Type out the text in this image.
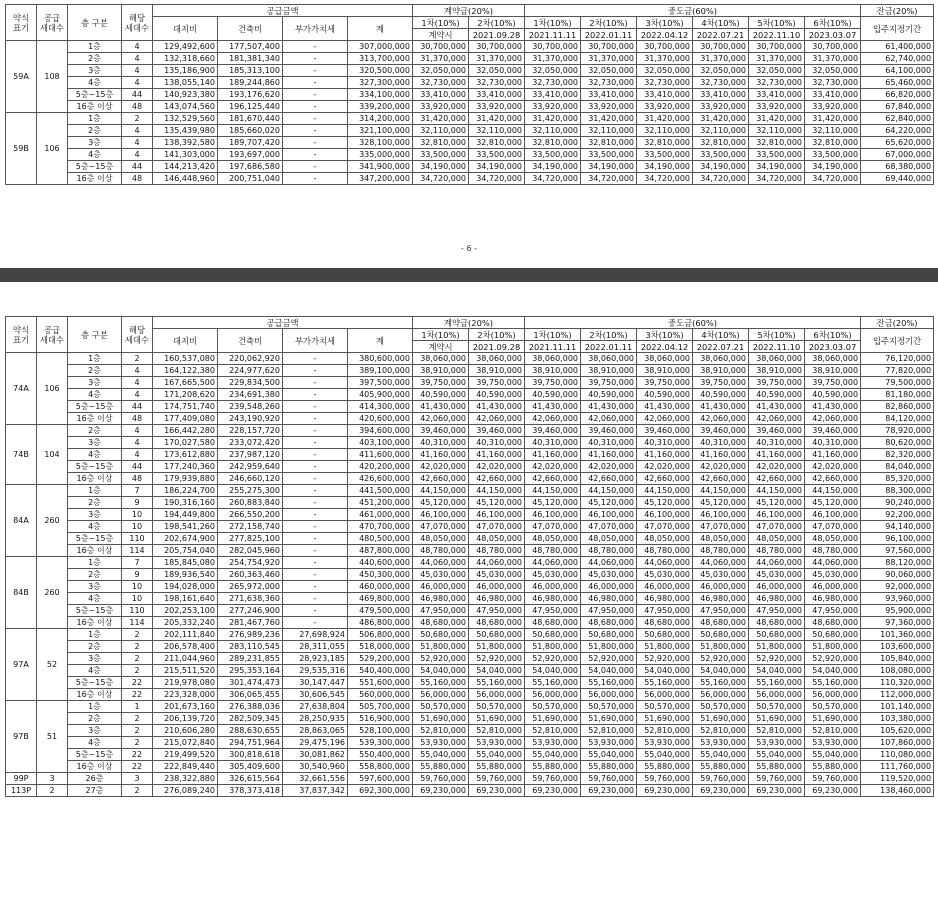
약식
표기	공급
세대수	층 구분	해당
세대수	공급금액				계약금(20%)		중도금(60%)						잔금(20%)
				대지비	건축비	부가가치세	계	1차(10%)	2차(10%)	1차(10%)	2차(10%)	3차(10%)	4차(10%)	5차(10%)	6차(10%)	입주지정기간
								계약시	2021.09.28	2021.11.11	2022.01.11	2022.04.12	2022.07.21	2022.11.10	2023.03.07	
59A	108	1층	4	129,492,600	177,507,400	-	307,000,000	30,700,000	30,700,000	30,700,000	30,700,000	30,700,000	30,700,000	30,700,000	30,700,000	61,400,000
		2층	4	132,318,660	181,381,340	-	313,700,000	31,370,000	31,370,000	31,370,000	31,370,000	31,370,000	31,370,000	31,370,000	31,370,000	62,740,000
		3층	4	135,186,900	185,313,100	-	320,500,000	32,050,000	32,050,000	32,050,000	32,050,000	32,050,000	32,050,000	32,050,000	32,050,000	64,100,000
		4층	4	138,055,140	189,244,860	-	327,300,000	32,730,000	32,730,000	32,730,000	32,730,000	32,730,000	32,730,000	32,730,000	32,730,000	65,460,000
		5층~15층	44	140,923,380	193,176,620	-	334,100,000	33,410,000	33,410,000	33,410,000	33,410,000	33,410,000	33,410,000	33,410,000	33,410,000	66,820,000
		16층 이상	48	143,074,560	196,125,440	-	339,200,000	33,920,000	33,920,000	33,920,000	33,920,000	33,920,000	33,920,000	33,920,000	33,920,000	67,840,000
59B	106	1층	2	132,529,560	181,670,440	-	314,200,000	31,420,000	31,420,000	31,420,000	31,420,000	31,420,000	31,420,000	31,420,000	31,420,000	62,840,000
		2층	4	135,439,980	185,660,020	-	321,100,000	32,110,000	32,110,000	32,110,000	32,110,000	32,110,000	32,110,000	32,110,000	32,110,000	64,220,000
		3층	4	138,392,580	189,707,420	-	328,100,000	32,810,000	32,810,000	32,810,000	32,810,000	32,810,000	32,810,000	32,810,000	32,810,000	65,620,000
		4층	4	141,303,000	193,697,000	-	335,000,000	33,500,000	33,500,000	33,500,000	33,500,000	33,500,000	33,500,000	33,500,000	33,500,000	67,000,000
		5층~15층	44	144,213,420	197,686,580	-	341,900,000	34,190,000	34,190,000	34,190,000	34,190,000	34,190,000	34,190,000	34,190,000	34,190,000	68,380,000
		16층 이상	48	146,448,960	200,751,040	-	347,200,000	34,720,000	34,720,000	34,720,000	34,720,000	34,720,000	34,720,000	34,720,000	34,720,000	69,440,000
- 6 -
약식
표기	공급
세대수	층 구분	해당
세대수	공급금액				계약금(20%)		중도금(60%)						잔금(20%)
				대지비	건축비	부가가치세	계	1차(10%)	2차(10%)	1차(10%)	2차(10%)	3차(10%)	4차(10%)	5차(10%)	6차(10%)	입주지정기간
								계약시	2021.09.28	2021.11.11	2022.01.11	2022.04.12	2022.07.21	2022.11.10	2023.03.07	
74A	106	1층	2	160,537,080	220,062,920	-	380,600,000	38,060,000	38,060,000	38,060,000	38,060,000	38,060,000	38,060,000	38,060,000	38,060,000	76,120,000
		2층	4	164,122,380	224,977,620	-	389,100,000	38,910,000	38,910,000	38,910,000	38,910,000	38,910,000	38,910,000	38,910,000	38,910,000	77,820,000
		3층	4	167,665,500	229,834,500	-	397,500,000	39,750,000	39,750,000	39,750,000	39,750,000	39,750,000	39,750,000	39,750,000	39,750,000	79,500,000
		4층	4	171,208,620	234,691,380	-	405,900,000	40,590,000	40,590,000	40,590,000	40,590,000	40,590,000	40,590,000	40,590,000	40,590,000	81,180,000
		5층~15층	44	174,751,740	239,548,260	-	414,300,000	41,430,000	41,430,000	41,430,000	41,430,000	41,430,000	41,430,000	41,430,000	41,430,000	82,860,000
		16층 이상	48	177,409,080	243,190,920	-	420,600,000	42,060,000	42,060,000	42,060,000	42,060,000	42,060,000	42,060,000	42,060,000	42,060,000	84,120,000
74B	104	2층	4	166,442,280	228,157,720	-	394,600,000	39,460,000	39,460,000	39,460,000	39,460,000	39,460,000	39,460,000	39,460,000	39,460,000	78,920,000
		3층	4	170,027,580	233,072,420	-	403,100,000	40,310,000	40,310,000	40,310,000	40,310,000	40,310,000	40,310,000	40,310,000	40,310,000	80,620,000
		4층	4	173,612,880	237,987,120	-	411,600,000	41,160,000	41,160,000	41,160,000	41,160,000	41,160,000	41,160,000	41,160,000	41,160,000	82,320,000
		5층~15층	44	177,240,360	242,959,640	-	420,200,000	42,020,000	42,020,000	42,020,000	42,020,000	42,020,000	42,020,000	42,020,000	42,020,000	84,040,000
		16층 이상	48	179,939,880	246,660,120	-	426,600,000	42,660,000	42,660,000	42,660,000	42,660,000	42,660,000	42,660,000	42,660,000	42,660,000	85,320,000
84A	260	1층	7	186,224,700	255,275,300	-	441,500,000	44,150,000	44,150,000	44,150,000	44,150,000	44,150,000	44,150,000	44,150,000	44,150,000	88,300,000
		2층	9	190,316,160	260,883,840	-	451,200,000	45,120,000	45,120,000	45,120,000	45,120,000	45,120,000	45,120,000	45,120,000	45,120,000	90,240,000
		3층	10	194,449,800	266,550,200	-	461,000,000	46,100,000	46,100,000	46,100,000	46,100,000	46,100,000	46,100,000	46,100,000	46,100,000	92,200,000
		4층	10	198,541,260	272,158,740	-	470,700,000	47,070,000	47,070,000	47,070,000	47,070,000	47,070,000	47,070,000	47,070,000	47,070,000	94,140,000
		5층~15층	110	202,674,900	277,825,100	-	480,500,000	48,050,000	48,050,000	48,050,000	48,050,000	48,050,000	48,050,000	48,050,000	48,050,000	96,100,000
		16층 이상	114	205,754,040	282,045,960	-	487,800,000	48,780,000	48,780,000	48,780,000	48,780,000	48,780,000	48,780,000	48,780,000	48,780,000	97,560,000
84B	260	1층	7	185,845,080	254,754,920	-	440,600,000	44,060,000	44,060,000	44,060,000	44,060,000	44,060,000	44,060,000	44,060,000	44,060,000	88,120,000
		2층	9	189,936,540	260,363,460	-	450,300,000	45,030,000	45,030,000	45,030,000	45,030,000	45,030,000	45,030,000	45,030,000	45,030,000	90,060,000
		3층	10	194,028,000	265,972,000	-	460,000,000	46,000,000	46,000,000	46,000,000	46,000,000	46,000,000	46,000,000	46,000,000	46,000,000	92,000,000
		4층	10	198,161,640	271,638,360	-	469,800,000	46,980,000	46,980,000	46,980,000	46,980,000	46,980,000	46,980,000	46,980,000	46,980,000	93,960,000
		5층~15층	110	202,253,100	277,246,900	-	479,500,000	47,950,000	47,950,000	47,950,000	47,950,000	47,950,000	47,950,000	47,950,000	47,950,000	95,900,000
		16층 이상	114	205,332,240	281,467,760	-	486,800,000	48,680,000	48,680,000	48,680,000	48,680,000	48,680,000	48,680,000	48,680,000	48,680,000	97,360,000
97A	52	1층	2	202,111,840	276,989,236	27,698,924	506,800,000	50,680,000	50,680,000	50,680,000	50,680,000	50,680,000	50,680,000	50,680,000	50,680,000	101,360,000
		2층	2	206,578,400	283,110,545	28,311,055	518,000,000	51,800,000	51,800,000	51,800,000	51,800,000	51,800,000	51,800,000	51,800,000	51,800,000	103,600,000
		3층	2	211,044,960	289,231,855	28,923,185	529,200,000	52,920,000	52,920,000	52,920,000	52,920,000	52,920,000	52,920,000	52,920,000	52,920,000	105,840,000
		4층	2	215,511,520	295,353,164	29,535,316	540,400,000	54,040,000	54,040,000	54,040,000	54,040,000	54,040,000	54,040,000	54,040,000	54,040,000	108,080,000
		5층~15층	22	219,978,080	301,474,473	30,147,447	551,600,000	55,160,000	55,160,000	55,160,000	55,160,000	55,160,000	55,160,000	55,160,000	55,160,000	110,320,000
		16층 이상	22	223,328,000	306,065,455	30,606,545	560,000,000	56,000,000	56,000,000	56,000,000	56,000,000	56,000,000	56,000,000	56,000,000	56,000,000	112,000,000
97B	51	1층	1	201,673,160	276,388,036	27,638,804	505,700,000	50,570,000	50,570,000	50,570,000	50,570,000	50,570,000	50,570,000	50,570,000	50,570,000	101,140,000
		2층	2	206,139,720	282,509,345	28,250,935	516,900,000	51,690,000	51,690,000	51,690,000	51,690,000	51,690,000	51,690,000	51,690,000	51,690,000	103,380,000
		3층	2	210,606,280	288,630,655	28,863,065	528,100,000	52,810,000	52,810,000	52,810,000	52,810,000	52,810,000	52,810,000	52,810,000	52,810,000	105,620,000
		4층	2	215,072,840	294,751,964	29,475,196	539,300,000	53,930,000	53,930,000	53,930,000	53,930,000	53,930,000	53,930,000	53,930,000	53,930,000	107,860,000
		5층~15층	22	219,499,520	300,818,618	30,081,862	550,400,000	55,040,000	55,040,000	55,040,000	55,040,000	55,040,000	55,040,000	55,040,000	55,040,000	110,080,000
		16층 이상	22	222,849,440	305,409,600	30,540,960	558,800,000	55,880,000	55,880,000	55,880,000	55,880,000	55,880,000	55,880,000	55,880,000	55,880,000	111,760,000
99P	3	26층	3	238,322,880	326,615,564	32,661,556	597,600,000	59,760,000	59,760,000	59,760,000	59,760,000	59,760,000	59,760,000	59,760,000	59,760,000	119,520,000
113P	2	27층	2	276,089,240	378,373,418	37,837,342	692,300,000	69,230,000	69,230,000	69,230,000	69,230,000	69,230,000	69,230,000	69,230,000	69,230,000	138,460,000
